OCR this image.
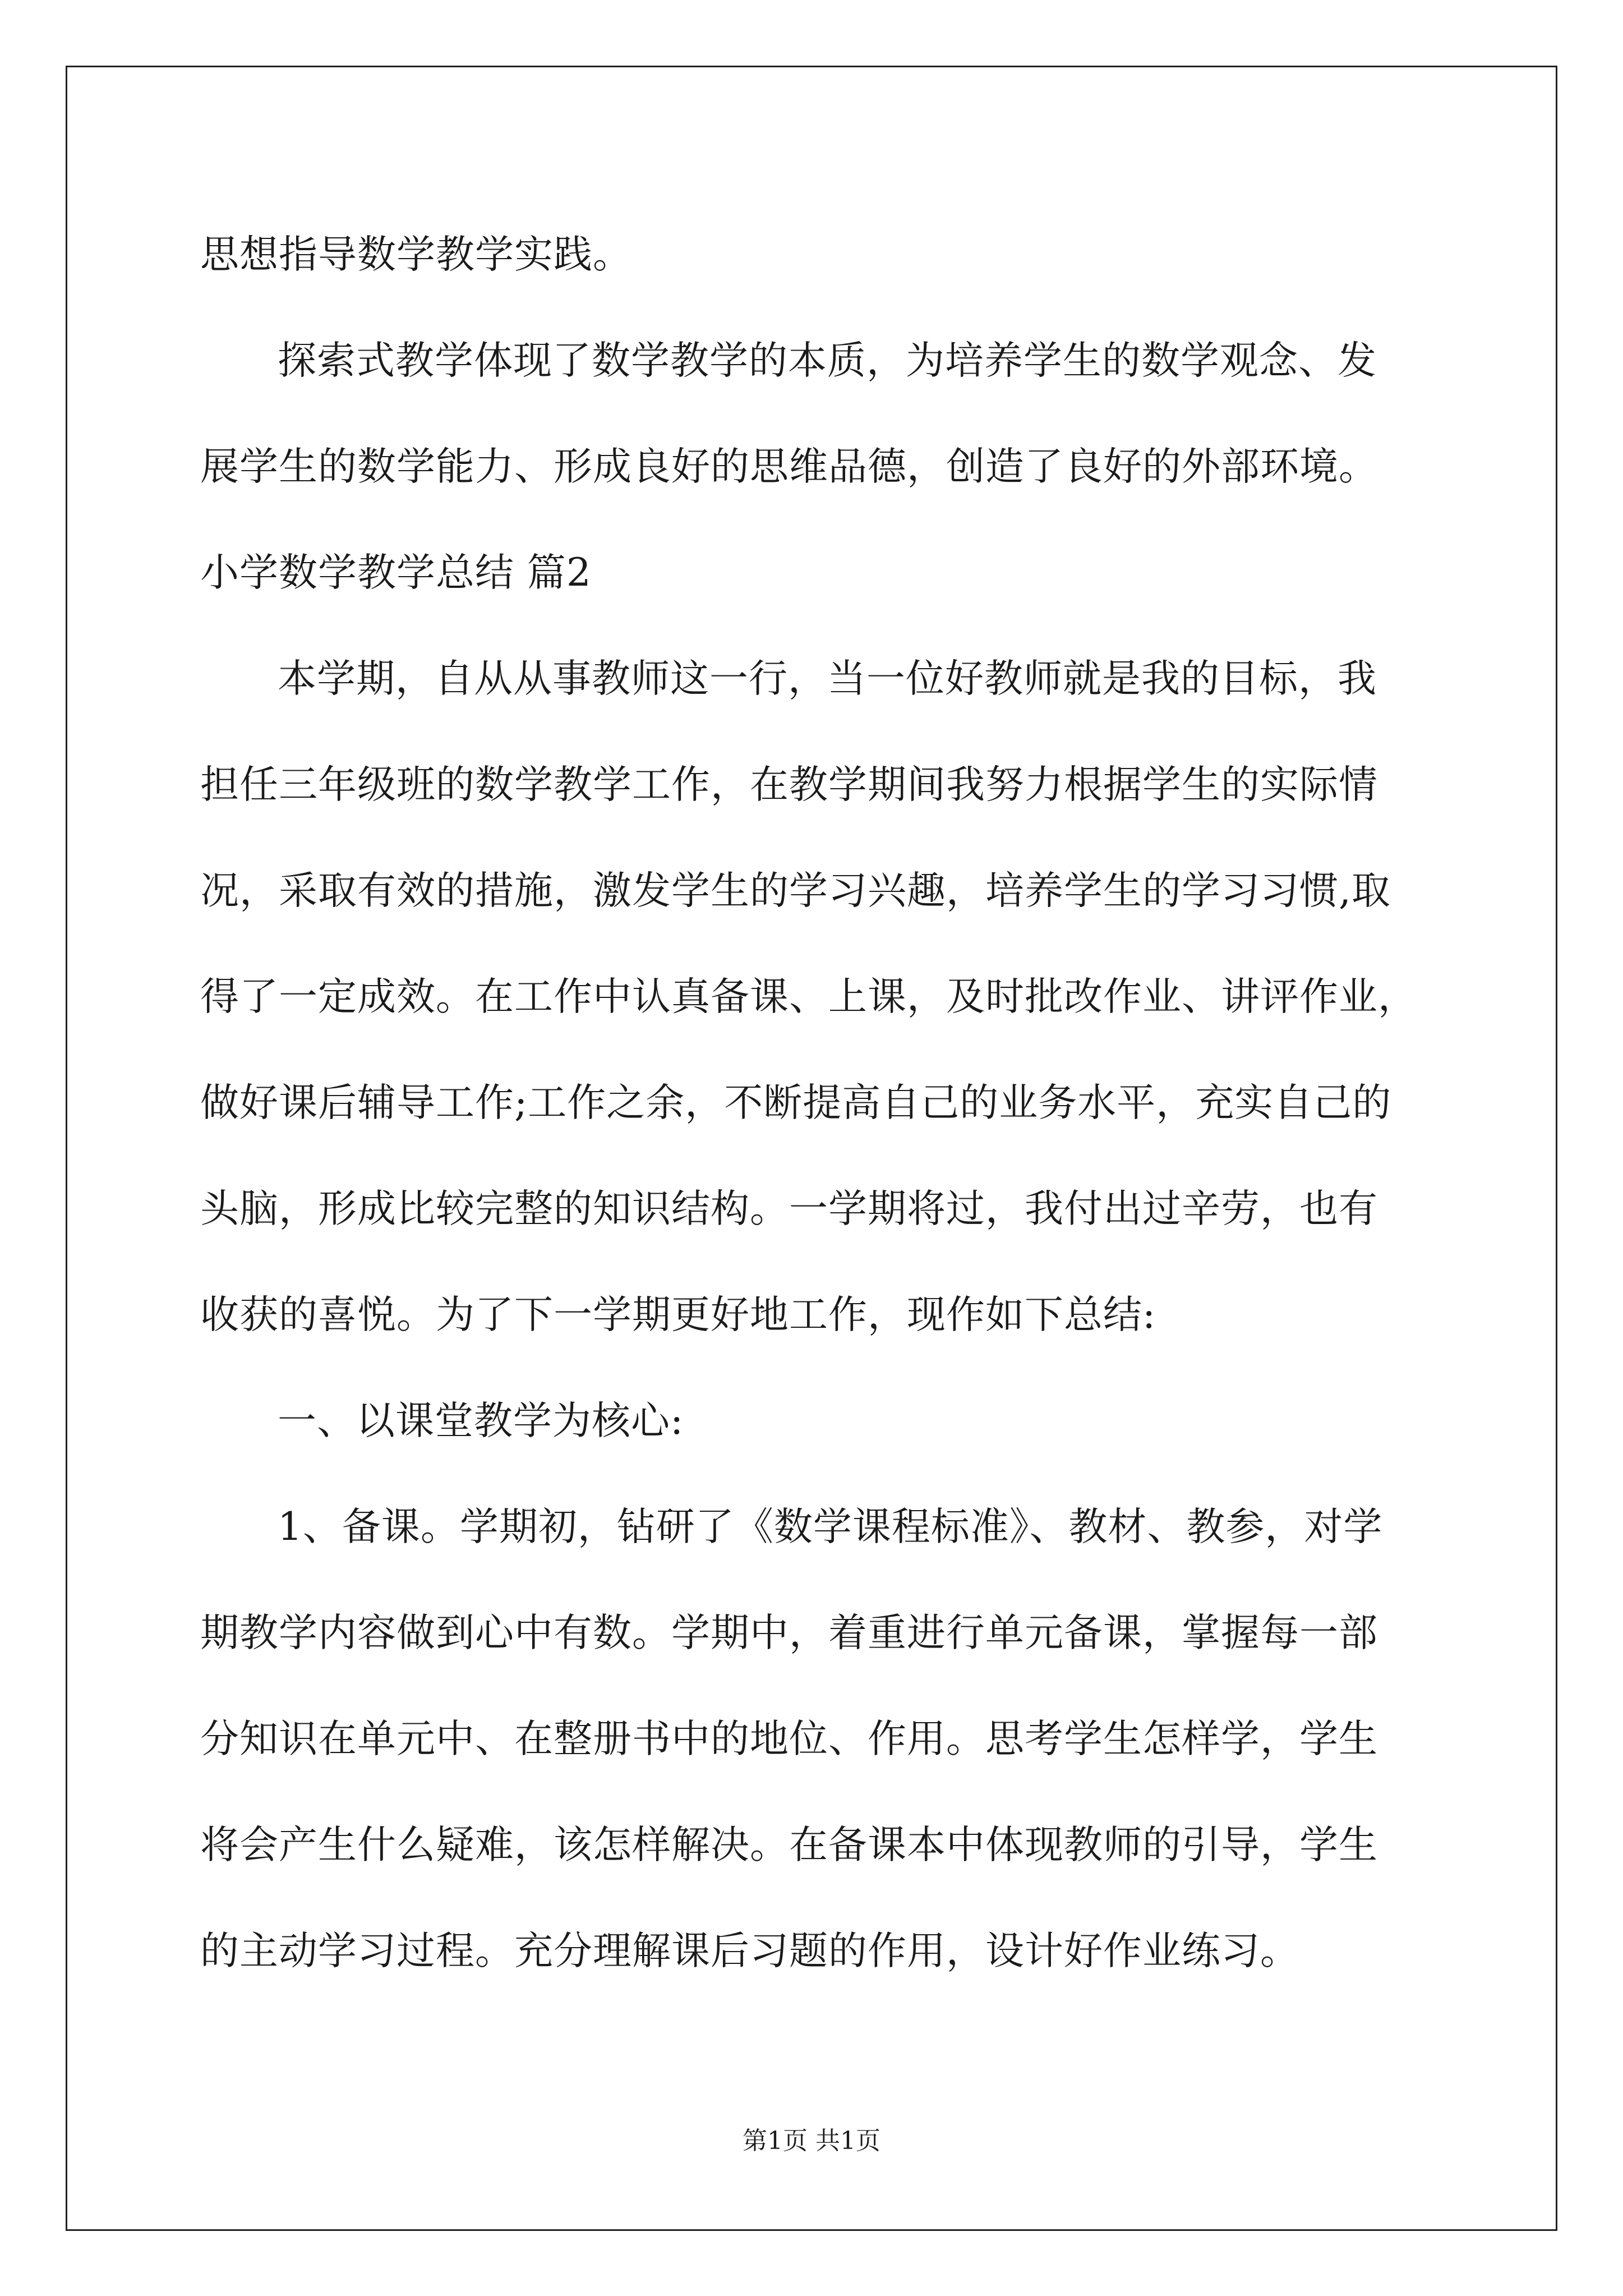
思想指导数学教学实践。
探索式教学体现了数学教学的本质，为培养学生的数学观念、发
展学生的数学能力、形成良好的思维品德，创造了良好的外部环境。
小学数学教学总结 篇2
本学期，自从从事教师这一行，当一位好教师就是我的目标，我
担任三年级班的数学教学工作，在教学期间我努力根据学生的实际情
况，采取有效的措施，激发学生的学习兴趣，培养学生的学习习惯,取
得了一定成效。在工作中认真备课、上课，及时批改作业、讲评作业，
做好课后辅导工作;工作之余，不断提高自己的业务水平，充实自己的
头脑，形成比较完整的知识结构。一学期将过，我付出过辛劳，也有
收获的喜悦。为了下一学期更好地工作，现作如下总结:
一、以课堂教学为核心:
1、备课。学期初，钻研了《数学课程标准》、教材、教参，对学
期教学内容做到心中有数。学期中，着重进行单元备课，掌握每一部
分知识在单元中、在整册书中的地位、作用。思考学生怎样学，学生
将会产生什么疑难，该怎样解决。在备课本中体现教师的引导，学生
的主动学习过程。充分理解课后习题的作用，设计好作业练习。
第1页 共1页
